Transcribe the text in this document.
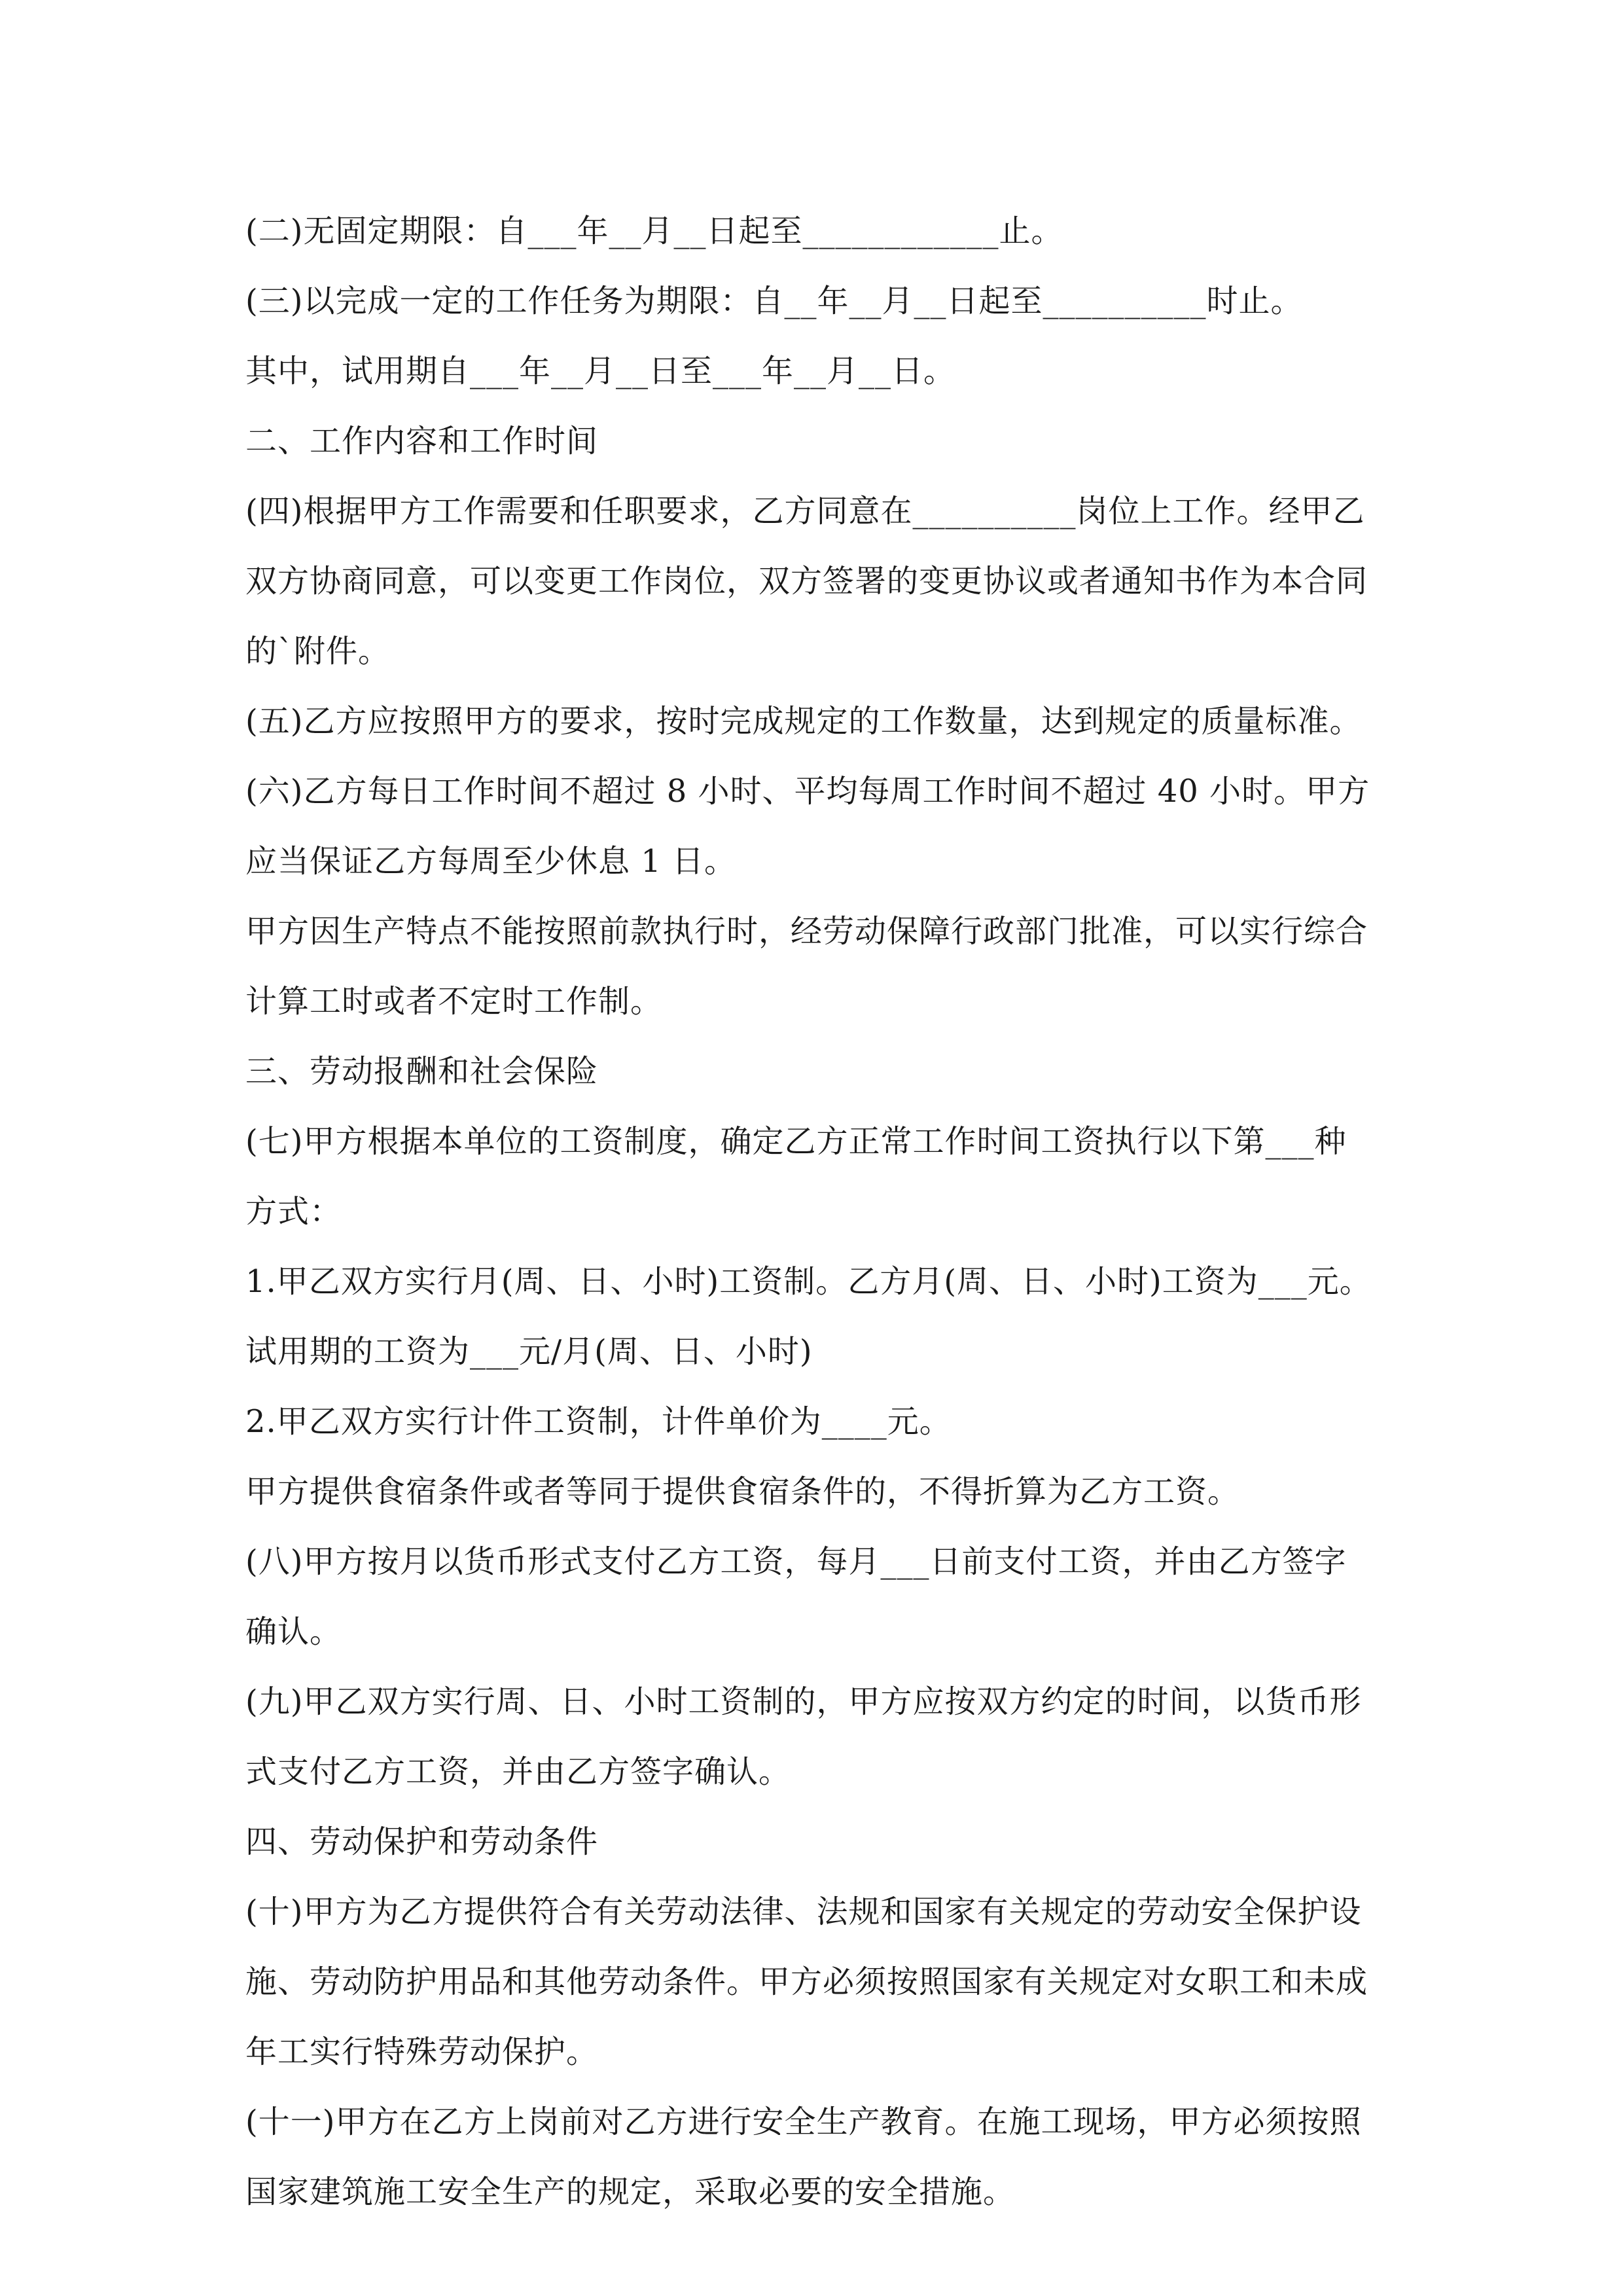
(二)无固定期限：自___年__月__日起至____________止。
(三)以完成一定的工作任务为期限：自__年__月__日起至__________时止。
其中，试用期自___年__月__日至___年__月__日。
二、工作内容和工作时间
(四)根据甲方工作需要和任职要求，乙方同意在__________岗位上工作。经甲乙
双方协商同意，可以变更工作岗位，双方签署的变更协议或者通知书作为本合同
的`附件。
(五)乙方应按照甲方的要求，按时完成规定的工作数量，达到规定的质量标准。
(六)乙方每日工作时间不超过 8 小时、平均每周工作时间不超过 40 小时。甲方
应当保证乙方每周至少休息 1 日。
甲方因生产特点不能按照前款执行时，经劳动保障行政部门批准，可以实行综合
计算工时或者不定时工作制。
三、劳动报酬和社会保险
(七)甲方根据本单位的工资制度，确定乙方正常工作时间工资执行以下第___种
方式：
1.甲乙双方实行月(周、日、小时)工资制。乙方月(周、日、小时)工资为___元。
试用期的工资为___元/月(周、日、小时)
2.甲乙双方实行计件工资制，计件单价为____元。
甲方提供食宿条件或者等同于提供食宿条件的，不得折算为乙方工资。
(八)甲方按月以货币形式支付乙方工资，每月___日前支付工资，并由乙方签字
确认。
(九)甲乙双方实行周、日、小时工资制的，甲方应按双方约定的时间，以货币形
式支付乙方工资，并由乙方签字确认。
四、劳动保护和劳动条件
(十)甲方为乙方提供符合有关劳动法律、法规和国家有关规定的劳动安全保护设
施、劳动防护用品和其他劳动条件。甲方必须按照国家有关规定对女职工和未成
年工实行特殊劳动保护。
(十一)甲方在乙方上岗前对乙方进行安全生产教育。在施工现场，甲方必须按照
国家建筑施工安全生产的规定，采取必要的安全措施。
